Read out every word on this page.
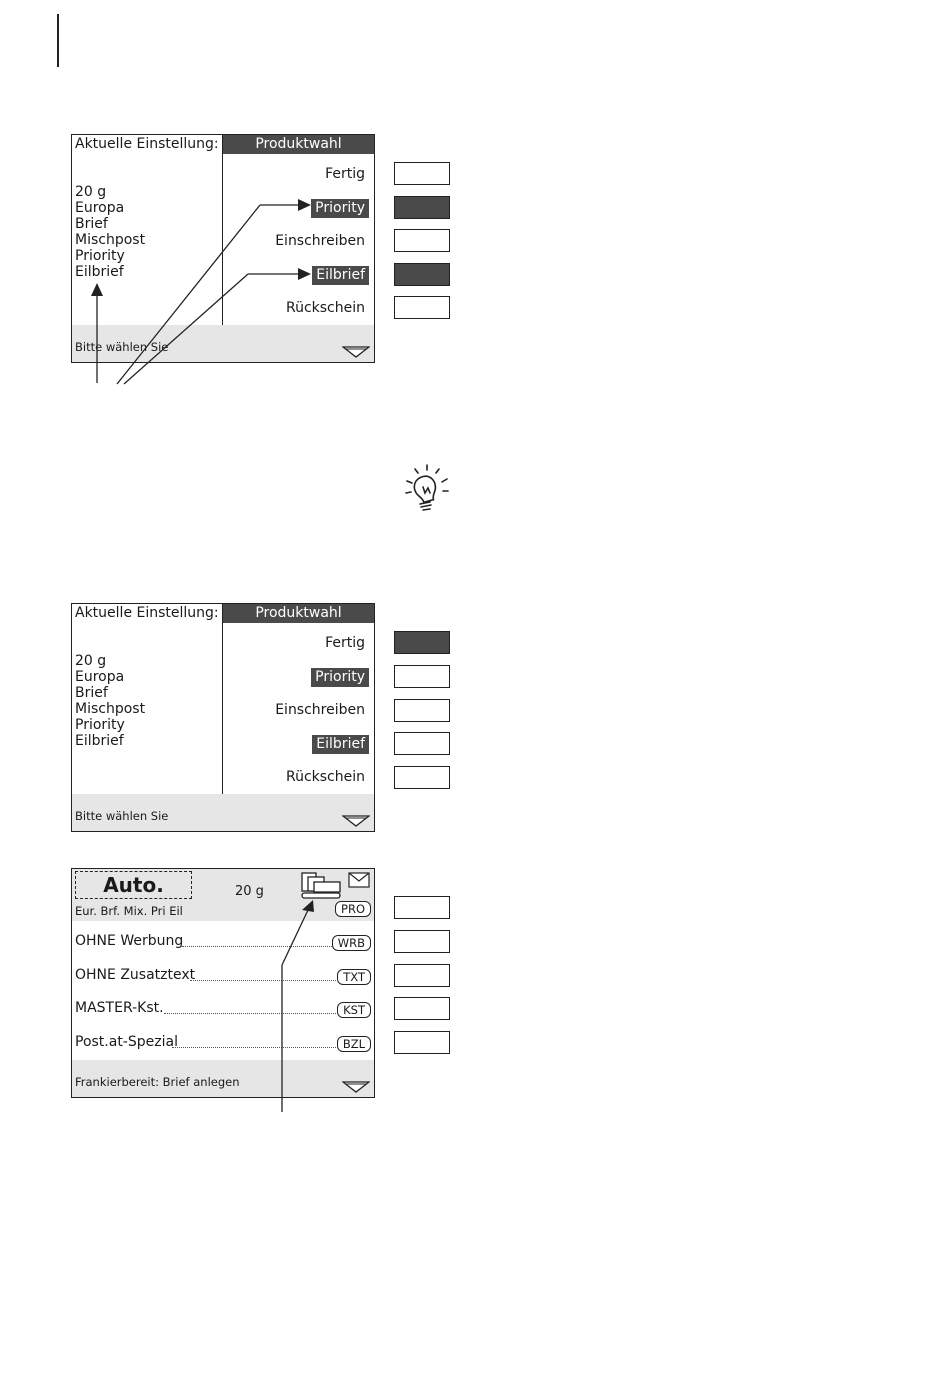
Aktuelle Einstellung:
20 g
Europa
Brief
Mischpost
Priority
Eilbrief
Produktwahl
Fertig
Priority
Einschreiben
Eilbrief
Rückschein
Bitte wählen Sie
Aktuelle Einstellung:
20 g
Europa
Brief
Mischpost
Priority
Eilbrief
Produktwahl
Fertig
Priority
Einschreiben
Eilbrief
Rückschein
Bitte wählen Sie
Auto.	20 g
Eur. Brf. Mix. Pri Eil	PRO
OHNE Werbung	WRB
OHNE Zusatztext	TXT
MASTER-Kst.	KST
Post.at-Spezial	BZL
Frankierbereit: Brief anlegen
